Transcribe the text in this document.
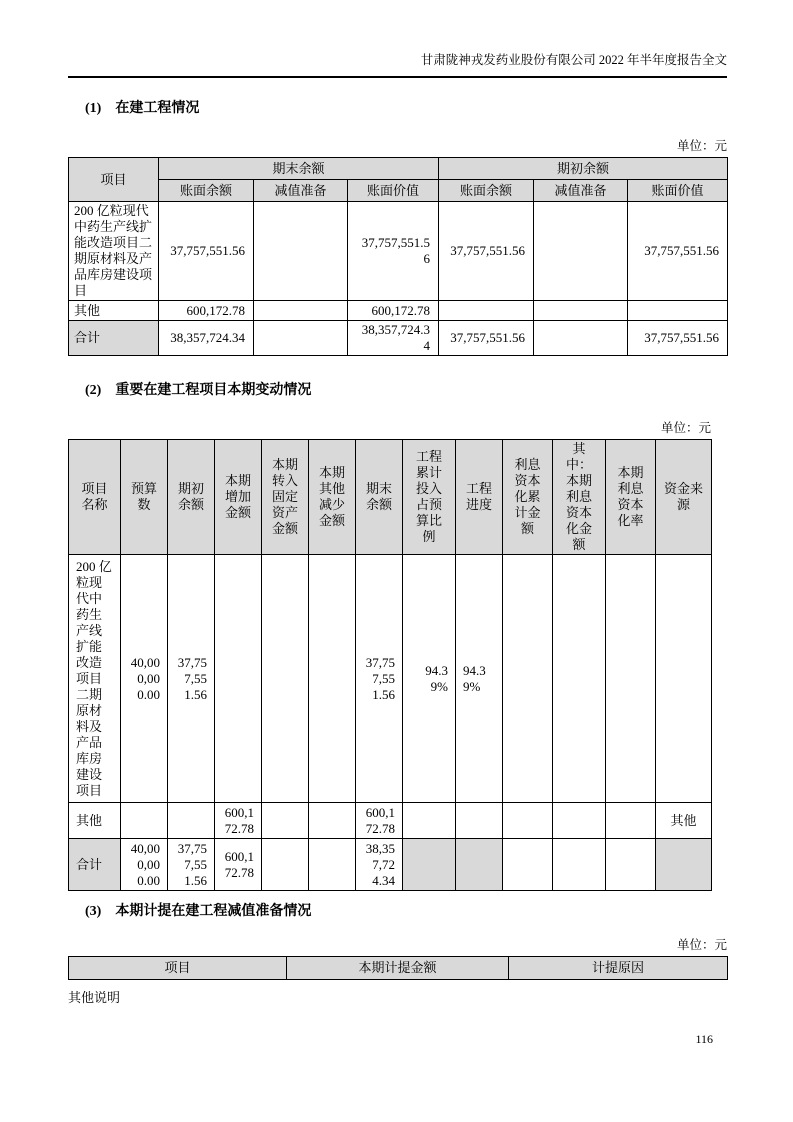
甘肃陇神戎发药业股份有限公司 2022 年半年度报告全文
(1) 在建工程情况
单位：元
项目	期末余额			期初余额		
	账面余额	减值准备	账面价值	账面余额	减值准备	账面价值
200 亿粒现代中药生产线扩能改造项目二期原材料及产品库房建设项目	37,757,551.56		37,757,551.56	37,757,551.56		37,757,551.56
其他	600,172.78		600,172.78			
合计	38,357,724.34		38,357,724.34	37,757,551.56		37,757,551.56
(2) 重要在建工程项目本期变动情况
单位：元
项目名称	预算数	期初余额	本期增加金额	本期转入固定资产金额	本期其他减少金额	期末余额	工程累计投入占预算比例	工程进度	利息资本化累计金额	其中：本期利息资本化金额	本期利息资本化率	资金来源
200 亿粒现代中药生产线扩能改造项目二期原材料及产品库房建设项目	40,000,000.00	37,757,551.56				37,757,551.56	94.39%	94.39%				
其他			600,172.78			600,172.78						其他
合计	40,000,000.00	37,757,551.56	600,172.78			38,357,724.34						
(3) 本期计提在建工程减值准备情况
单位：元
项目	本期计提金额	计提原因
其他说明
116
